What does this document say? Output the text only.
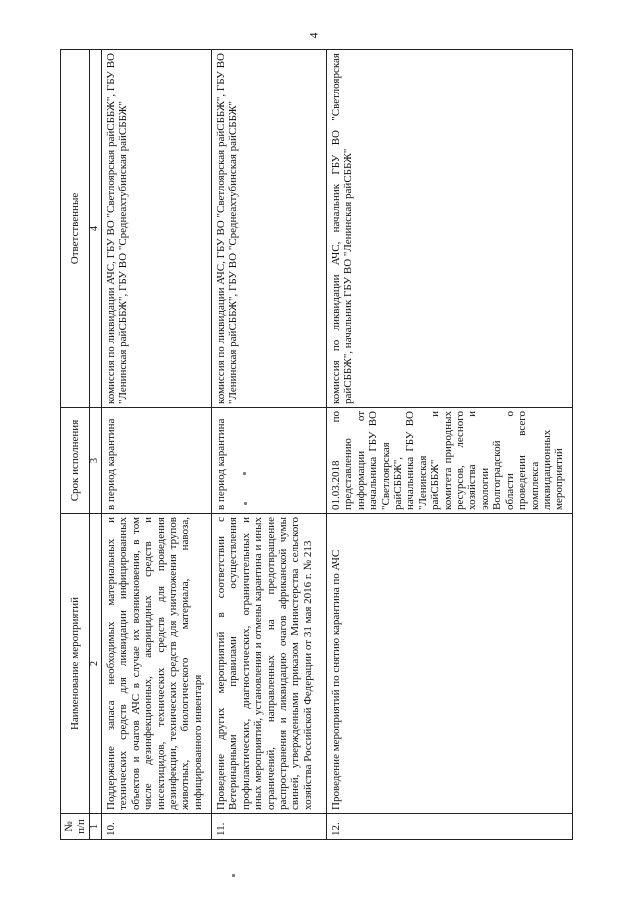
4
№ п/п	Наименование мероприятий	Срок исполнения	Ответственные
1	2	3	4
10.	Поддержание запаса необходимых материальных и технических средств для ликвидации инфицированных объектов и очагов АЧС в случае их возникновения, в том числе дезинфекционных, акарицидных средств и инсектицидов, технических средств для проведения дезинфекции, технических средств для уничтожения трупов животных, биологического материала, навоза, инфицированного инвентаря	в период карантина	комиссия по ликвидации АЧС, ГБУ ВО "Светлоярская райСББЖ", ГБУ ВО "Ленинская райСББЖ", ГБУ ВО "Среднеахтубинская райСББЖ"
11.	Проведение других мероприятий в соответствии с Ветеринарными правилами осуществления профилактических, диагностических, ограничительных и иных мероприятий, установления и отмены карантина и иных ограничений, направленных на предотвращение распространения и ликвидацию очагов африканской чумы свиней, утвержденными приказом Министерства сельского хозяйства Российской Федерации от 31 мая 2016 г. № 213	в период карантина	комиссия по ликвидации АЧС, ГБУ ВО "Светлоярская райСББЖ", ГБУ ВО "Ленинская райСББЖ", ГБУ ВО "Среднеахтубинская райСББЖ"
12.	Проведение мероприятий по снятию карантина по АЧС	01.03.2018 по представлению информации от начальника ГБУ ВО "Светлоярская райСББЖ", начальника ГБУ ВО "Ленинская райСББЖ" и комитета природных ресурсов, лесного хозяйства и экологии Волгоградской области о проведении всего комплекса ликвидационных мероприятий	комиссия по ликвидации АЧС, начальник ГБУ ВО "Светлоярская райСББЖ", начальник ГБУ ВО "Ленинская райСББЖ"
